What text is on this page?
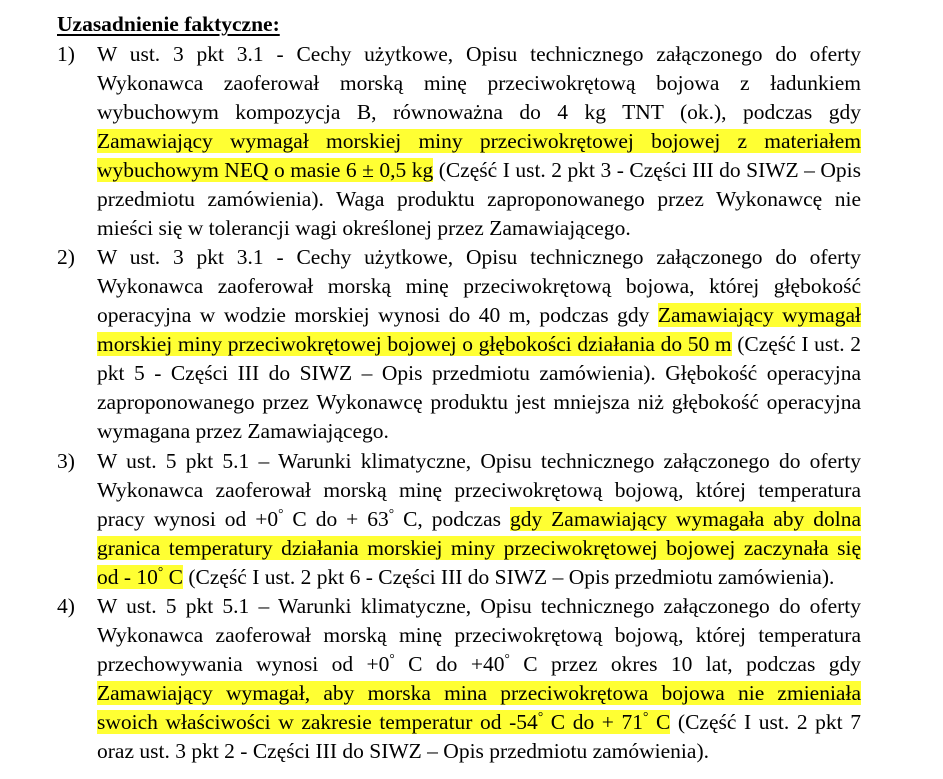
Uzasadnienie faktyczne:
1)	W ust. 3 pkt 3.1 - Cechy użytkowe, Opisu technicznego załączonego do oferty Wykonawca zaoferował morską minę przeciwokrętową bojowa z ładunkiem wybuchowym kompozycja B, równoważna do 4 kg TNT (ok.), podczas gdy Zamawiający wymagał morskiej miny przeciwokrętowej bojowej z materiałem wybuchowym NEQ o masie 6 ± 0,5 kg (Część I ust. 2 pkt 3 - Części III do SIWZ – Opis przedmiotu zamówienia). Waga produktu zaproponowanego przez Wykonawcę nie mieści się w tolerancji wagi określonej przez Zamawiającego.
2)	W ust. 3 pkt 3.1 - Cechy użytkowe, Opisu technicznego załączonego do oferty Wykonawca zaoferował morską minę przeciwokrętową bojowa, której głębokość operacyjna w wodzie morskiej wynosi do 40 m, podczas gdy Zamawiający wymagał morskiej miny przeciwokrętowej bojowej o głębokości działania do 50 m (Część I ust. 2 pkt 5 - Części III do SIWZ – Opis przedmiotu zamówienia). Głębokość operacyjna zaproponowanego przez Wykonawcę produktu jest mniejsza niż głębokość operacyjna wymagana przez Zamawiającego.
3)	W ust. 5 pkt 5.1 – Warunki klimatyczne, Opisu technicznego załączonego do oferty Wykonawca zaoferował morską minę przeciwokrętową bojową, której temperatura pracy wynosi od +0° C do + 63° C, podczas gdy Zamawiający wymagała aby dolna granica temperatury działania morskiej miny przeciwokrętowej bojowej zaczynała się od - 10° C (Część I ust. 2 pkt 6 - Części III do SIWZ – Opis przedmiotu zamówienia).
4)	W ust. 5 pkt 5.1 – Warunki klimatyczne, Opisu technicznego załączonego do oferty Wykonawca zaoferował morską minę przeciwokrętową bojową, której temperatura przechowywania wynosi od +0° C do +40° C przez okres 10 lat, podczas gdy Zamawiający wymagał, aby morska mina przeciwokrętowa bojowa nie zmieniała swoich właściwości w zakresie temperatur od -54° C do + 71° C (Część I ust. 2 pkt 7 oraz ust. 3 pkt 2 - Części III do SIWZ – Opis przedmiotu zamówienia).
